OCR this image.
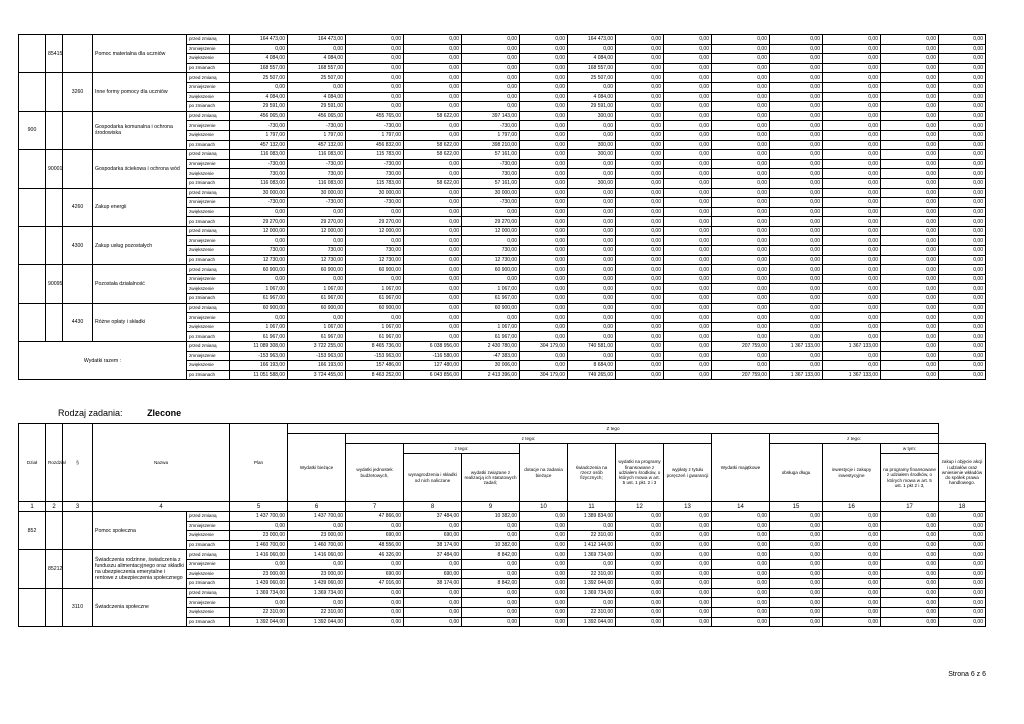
	85415		Pomoc materialna dla uczniów	przed zmianą	164 473,00	164 473,00	0,00	0,00	0,00	0,00	164 473,00	0,00	0,00	0,00	0,00	0,00	0,00	0,00
				zmniejszenie	0,00	0,00	0,00	0,00	0,00	0,00	0,00	0,00	0,00	0,00	0,00	0,00	0,00	0,00
				zwiększenie	4 084,00	4 084,00	0,00	0,00	0,00	0,00	4 084,00	0,00	0,00	0,00	0,00	0,00	0,00	0,00
				po zmianach	168 557,00	168 557,00	0,00	0,00	0,00	0,00	168 557,00	0,00	0,00	0,00	0,00	0,00	0,00	0,00
		3260	Inne formy pomocy dla uczniów	przed zmianą	25 507,00	25 507,00	0,00	0,00	0,00	0,00	25 507,00	0,00	0,00	0,00	0,00	0,00	0,00	0,00
				zmniejszenie	0,00	0,00	0,00	0,00	0,00	0,00	0,00	0,00	0,00	0,00	0,00	0,00	0,00	0,00
				zwiększenie	4 084,00	4 084,00	0,00	0,00	0,00	0,00	4 084,00	0,00	0,00	0,00	0,00	0,00	0,00	0,00
				po zmianach	29 591,00	29 591,00	0,00	0,00	0,00	0,00	29 591,00	0,00	0,00	0,00	0,00	0,00	0,00	0,00
900			Gospodarka komunalna i ochrona środowiska	przed zmianą	456 065,00	456 065,00	455 765,00	58 622,00	397 143,00	0,00	300,00	0,00	0,00	0,00	0,00	0,00	0,00	0,00
				zmniejszenie	-730,00	-730,00	-730,00	0,00	-730,00	0,00	0,00	0,00	0,00	0,00	0,00	0,00	0,00	0,00
				zwiększenie	1 797,00	1 797,00	1 797,00	0,00	1 797,00	0,00	0,00	0,00	0,00	0,00	0,00	0,00	0,00	0,00
				po zmianach	457 132,00	457 132,00	456 832,00	58 622,00	398 210,00	0,00	300,00	0,00	0,00	0,00	0,00	0,00	0,00	0,00
	90001		Gospodarka ściekowa i ochrona wód	przed zmianą	116 083,00	116 083,00	115 783,00	58 622,00	57 161,00	0,00	300,00	0,00	0,00	0,00	0,00	0,00	0,00	0,00
				zmniejszenie	-730,00	-730,00	-730,00	0,00	-730,00	0,00	0,00	0,00	0,00	0,00	0,00	0,00	0,00	0,00
				zwiększenie	730,00	730,00	730,00	0,00	730,00	0,00	0,00	0,00	0,00	0,00	0,00	0,00	0,00	0,00
				po zmianach	116 083,00	116 083,00	115 783,00	58 622,00	57 161,00	0,00	300,00	0,00	0,00	0,00	0,00	0,00	0,00	0,00
		4260	Zakup energii	przed zmianą	30 000,00	30 000,00	30 000,00	0,00	30 000,00	0,00	0,00	0,00	0,00	0,00	0,00	0,00	0,00	0,00
				zmniejszenie	-730,00	-730,00	-730,00	0,00	-730,00	0,00	0,00	0,00	0,00	0,00	0,00	0,00	0,00	0,00
				zwiększenie	0,00	0,00	0,00	0,00	0,00	0,00	0,00	0,00	0,00	0,00	0,00	0,00	0,00	0,00
				po zmianach	29 270,00	29 270,00	29 270,00	0,00	29 270,00	0,00	0,00	0,00	0,00	0,00	0,00	0,00	0,00	0,00
		4300	Zakup usług pozostałych	przed zmianą	12 000,00	12 000,00	12 000,00	0,00	12 000,00	0,00	0,00	0,00	0,00	0,00	0,00	0,00	0,00	0,00
				zmniejszenie	0,00	0,00	0,00	0,00	0,00	0,00	0,00	0,00	0,00	0,00	0,00	0,00	0,00	0,00
				zwiększenie	730,00	730,00	730,00	0,00	730,00	0,00	0,00	0,00	0,00	0,00	0,00	0,00	0,00	0,00
				po zmianach	12 730,00	12 730,00	12 730,00	0,00	12 730,00	0,00	0,00	0,00	0,00	0,00	0,00	0,00	0,00	0,00
	90095		Pozostała działalność	przed zmianą	60 900,00	60 900,00	60 900,00	0,00	60 900,00	0,00	0,00	0,00	0,00	0,00	0,00	0,00	0,00	0,00
				zmniejszenie	0,00	0,00	0,00	0,00	0,00	0,00	0,00	0,00	0,00	0,00	0,00	0,00	0,00	0,00
				zwiększenie	1 067,00	1 067,00	1 067,00	0,00	1 067,00	0,00	0,00	0,00	0,00	0,00	0,00	0,00	0,00	0,00
				po zmianach	61 967,00	61 967,00	61 967,00	0,00	61 967,00	0,00	0,00	0,00	0,00	0,00	0,00	0,00	0,00	0,00
		4430	Różne opłaty i składki	przed zmianą	60 900,00	60 900,00	60 900,00	0,00	60 900,00	0,00	0,00	0,00	0,00	0,00	0,00	0,00	0,00	0,00
				zmniejszenie	0,00	0,00	0,00	0,00	0,00	0,00	0,00	0,00	0,00	0,00	0,00	0,00	0,00	0,00
				zwiększenie	1 067,00	1 067,00	1 067,00	0,00	1 067,00	0,00	0,00	0,00	0,00	0,00	0,00	0,00	0,00	0,00
				po zmianach	61 967,00	61 967,00	61 967,00	0,00	61 967,00	0,00	0,00	0,00	0,00	0,00	0,00	0,00	0,00	0,00
Wydatki razem :				przed zmianą	11 089 308,00	3 722 255,00	8 465 736,00	6 038 956,00	2 430 780,00	304 179,00	740 581,00	0,00	0,00	207 759,00	1 367 133,00	1 367 133,00	0,00	0,00
				zmniejszenie	-153 963,00	-153 963,00	-153 963,00	-116 580,00	-47 383,00	0,00	0,00	0,00	0,00	0,00	0,00	0,00	0,00	0,00
				zwiększenie	166 193,00	166 193,00	157 486,00	127 480,00	30 006,00	0,00	8 684,00	0,00	0,00	0,00	0,00	0,00	0,00	0,00
				po zmianach	11 051 588,00	3 724 455,00	8 463 252,00	6 043 856,00	2 413 396,00	304 179,00	749 265,00	0,00	0,00	207 759,00	1 367 133,00	1 367 133,00	0,00	0,00
Rodzaj zadania:	Zlecone
Dział	Rozdział	§	Nazwa		Plan	Z tego												
						Wydatki bieżące	z tego:							Wydatki majątkowe	z tego:			
							wydatki jednostek budżetowych,	z tego:		dotacje na zadania bieżące	świadczenia na rzecz osób fizycznych;	wydatki na programy finansowane z udziałem środków, o których mowa w art. 5 ust. 1 pkt. 2 i 3	wypłaty z tytułu poręczeń i gwarancji		obsługa długu	inwestycje i zakupy inwestycyjne	w tym:	zakup i objęcie akcji i udziałów oraz wniesienie wkładów do spółek prawa handlowego.
								wynagrodzenia i składki od nich naliczane	wydatki związane z realizacją ich statutowych zadań;								na programy finansowane z udziałem środków, o których mowa w art. 5 ust. 1 pkt 2 i 3,	
1	2	3	4		5	6	7	8	9	10	11	12	13	14	15	16	17	18
852			Pomoc społeczna	przed zmianą	1 437 700,00	1 437 700,00	47 866,00	37 484,00	10 382,00	0,00	1 389 834,00	0,00	0,00	0,00	0,00	0,00	0,00	0,00
				zmniejszenie	0,00	0,00	0,00	0,00	0,00	0,00	0,00	0,00	0,00	0,00	0,00	0,00	0,00	0,00
				zwiększenie	23 000,00	23 000,00	690,00	690,00	0,00	0,00	22 310,00	0,00	0,00	0,00	0,00	0,00	0,00	0,00
				po zmianach	1 460 700,00	1 460 700,00	48 556,00	38 174,00	10 382,00	0,00	1 412 144,00	0,00	0,00	0,00	0,00	0,00	0,00	0,00
	85212		Świadczenia rodzinne, świadczenia z funduszu alimentacyjnego oraz składki na ubezpieczenia emerytalne i rentowe z ubezpieczenia społecznego	przed zmianą	1 416 060,00	1 416 060,00	46 326,00	37 484,00	8 842,00	0,00	1 369 734,00	0,00	0,00	0,00	0,00	0,00	0,00	0,00
				zmniejszenie	0,00	0,00	0,00	0,00	0,00	0,00	0,00	0,00	0,00	0,00	0,00	0,00	0,00	0,00
				zwiększenie	23 000,00	23 000,00	690,00	690,00	0,00	0,00	22 310,00	0,00	0,00	0,00	0,00	0,00	0,00	0,00
				po zmianach	1 439 060,00	1 439 060,00	47 016,00	38 174,00	8 842,00	0,00	1 392 044,00	0,00	0,00	0,00	0,00	0,00	0,00	0,00
		3110	Świadczenia społeczne	przed zmianą	1 369 734,00	1 369 734,00	0,00	0,00	0,00	0,00	1 369 734,00	0,00	0,00	0,00	0,00	0,00	0,00	0,00
				zmniejszenie	0,00	0,00	0,00	0,00	0,00	0,00	0,00	0,00	0,00	0,00	0,00	0,00	0,00	0,00
				zwiększenie	22 310,00	22 310,00	0,00	0,00	0,00	0,00	22 310,00	0,00	0,00	0,00	0,00	0,00	0,00	0,00
				po zmianach	1 392 044,00	1 392 044,00	0,00	0,00	0,00	0,00	1 392 044,00	0,00	0,00	0,00	0,00	0,00	0,00	0,00
Strona 6 z 6
